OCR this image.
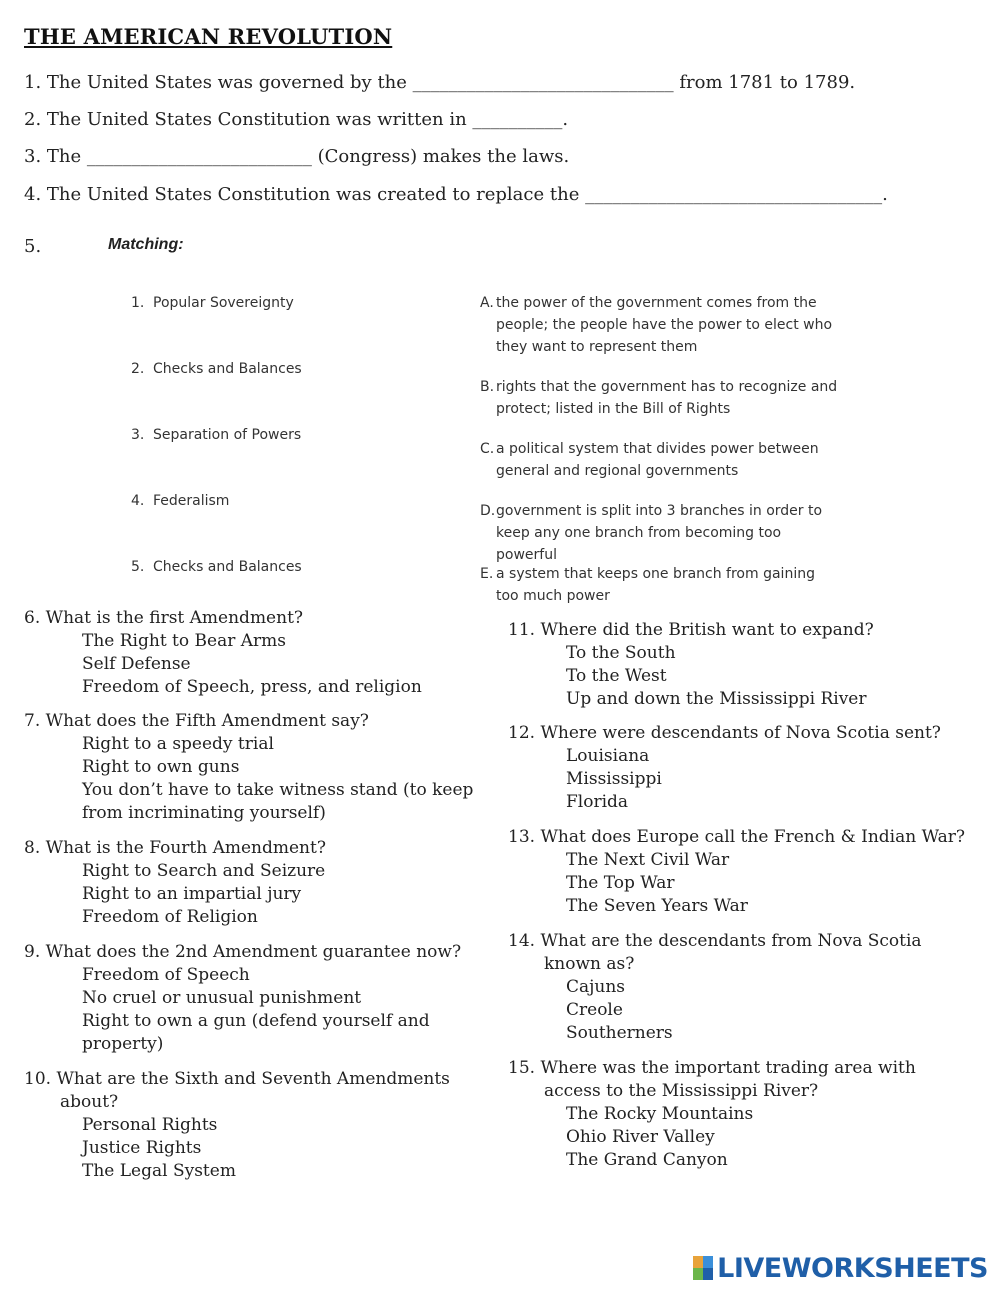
THE AMERICAN REVOLUTION
1. The United States was governed by the _____________________________ from 1781 to 1789.
2. The United States Constitution was written in __________.
3. The _________________________ (Congress) makes the laws.
4. The United States Constitution was created to replace the _________________________________.
5.	Matching:
1. Popular Sovereignty
2. Checks and Balances
3. Separation of Powers
4. Federalism
5. Checks and Balances
A. the power of the government comes from the people; the people have the power to elect who they want to represent them
B. rights that the government has to recognize and protect; listed in the Bill of Rights
C. a political system that divides power between general and regional governments
D. government is split into 3 branches in order to keep any one branch from becoming too powerful
E. a system that keeps one branch from gaining too much power
6. What is the first Amendment?
The Right to Bear Arms
Self Defense
Freedom of Speech, press, and religion
7. What does the Fifth Amendment say?
Right to a speedy trial
Right to own guns
You don’t have to take witness stand (to keep from incriminating yourself)
8. What is the Fourth Amendment?
Right to Search and Seizure
Right to an impartial jury
Freedom of Religion
9. What does the 2nd Amendment guarantee now?
Freedom of Speech
No cruel or unusual punishment
Right to own a gun (defend yourself and property)
10. What are the Sixth and Seventh Amendments
about?
Personal Rights
Justice Rights
The Legal System
11. Where did the British want to expand?
To the South
To the West
Up and down the Mississippi River
12. Where were descendants of Nova Scotia sent?
Louisiana
Mississippi
Florida
13. What does Europe call the French & Indian War?
The Next Civil War
The Top War
The Seven Years War
14. What are the descendants from Nova Scotia
known as?
Cajuns
Creole
Southerners
15. Where was the important trading area with
access to the Mississippi River?
The Rocky Mountains
Ohio River Valley
The Grand Canyon
LIVEWORKSHEETS
